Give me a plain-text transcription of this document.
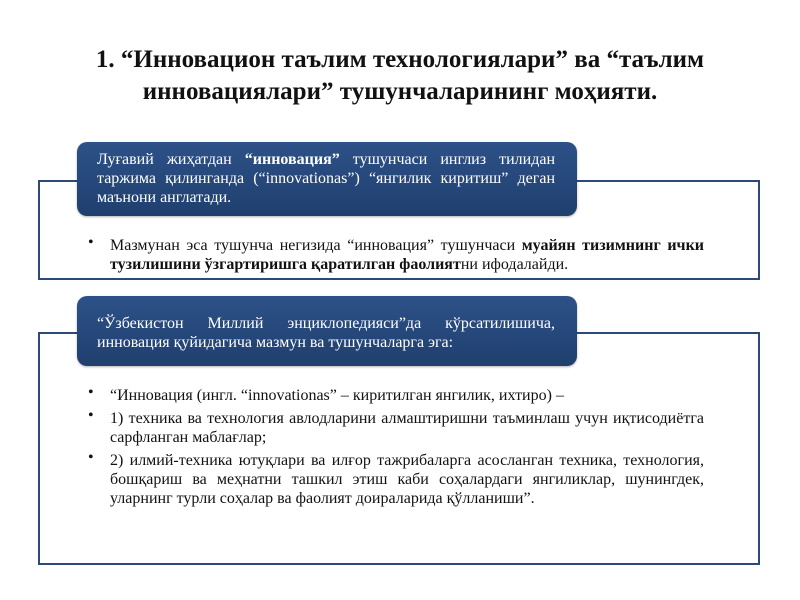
1. “Инновацион таълим технологиялари” ва “таълим инновациялари” тушунчаларининг моҳияти.
Луғавий жиҳатдан “инновация” тушунчаси инглиз тилидан таржима қилинганда (“innovationas”) “янгилик киритиш” деган маънони англатади.
• Мазмунан эса тушунча негизида “инновация” тушунчаси муайян тизимнинг ички тузилишини ўзгартиришга қаратилган фаолиятни ифодалайди.
“Ўзбекистон Миллий энциклопедияси”да кўрсатилишича, инновация қуйидагича мазмун ва тушунчаларга эга:
• “Инновация (ингл. “innovationas” – киритилган янгилик, ихтиро) –
• 1) техника ва технология авлодларини алмаштиришни таъминлаш учун иқтисодиётга сарфланган маблағлар;
• 2) илмий-техника ютуқлари ва илғор тажрибаларга асосланган техника, технология, бошқариш ва меҳнатни ташкил этиш каби соҳалардаги янгиликлар, шунингдек, уларнинг турли соҳалар ва фаолият доираларида қўлланиши”.
